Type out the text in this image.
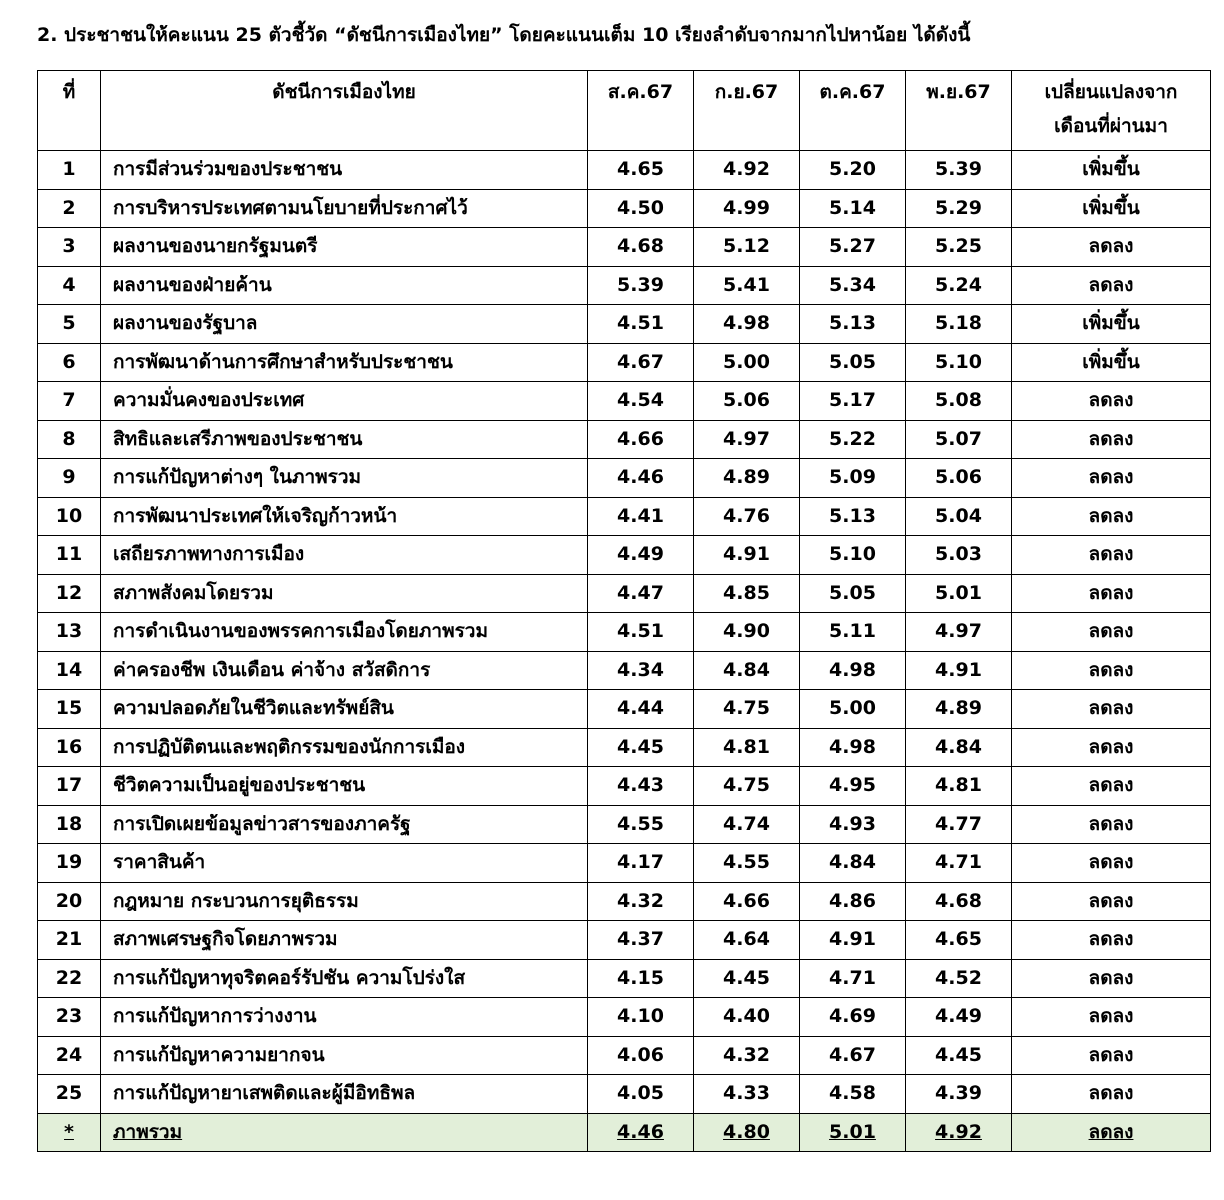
2. ประชาชนให้คะแนน 25 ตัวชี้วัด “ดัชนีการเมืองไทย” โดยคะแนนเต็ม 10 เรียงลำดับจากมากไปหาน้อย ได้ดังนี้
ที่	ดัชนีการเมืองไทย	ส.ค.67	ก.ย.67	ต.ค.67	พ.ย.67	เปลี่ยนแปลงจาก
เดือนที่ผ่านมา

1	การมีส่วนร่วมของประชาชน	4.65	4.92	5.20	5.39	เพิ่มขึ้น
2	การบริหารประเทศตามนโยบายที่ประกาศไว้	4.50	4.99	5.14	5.29	เพิ่มขึ้น
3	ผลงานของนายกรัฐมนตรี	4.68	5.12	5.27	5.25	ลดลง
4	ผลงานของฝ่ายค้าน	5.39	5.41	5.34	5.24	ลดลง
5	ผลงานของรัฐบาล	4.51	4.98	5.13	5.18	เพิ่มขึ้น
6	การพัฒนาด้านการศึกษาสำหรับประชาชน	4.67	5.00	5.05	5.10	เพิ่มขึ้น
7	ความมั่นคงของประเทศ	4.54	5.06	5.17	5.08	ลดลง
8	สิทธิและเสรีภาพของประชาชน	4.66	4.97	5.22	5.07	ลดลง
9	การแก้ปัญหาต่างๆ ในภาพรวม	4.46	4.89	5.09	5.06	ลดลง
10	การพัฒนาประเทศให้เจริญก้าวหน้า	4.41	4.76	5.13	5.04	ลดลง
11	เสถียรภาพทางการเมือง	4.49	4.91	5.10	5.03	ลดลง
12	สภาพสังคมโดยรวม	4.47	4.85	5.05	5.01	ลดลง
13	การดำเนินงานของพรรคการเมืองโดยภาพรวม	4.51	4.90	5.11	4.97	ลดลง
14	ค่าครองชีพ เงินเดือน ค่าจ้าง สวัสดิการ	4.34	4.84	4.98	4.91	ลดลง
15	ความปลอดภัยในชีวิตและทรัพย์สิน	4.44	4.75	5.00	4.89	ลดลง
16	การปฏิบัติตนและพฤติกรรมของนักการเมือง	4.45	4.81	4.98	4.84	ลดลง
17	ชีวิตความเป็นอยู่ของประชาชน	4.43	4.75	4.95	4.81	ลดลง
18	การเปิดเผยข้อมูลข่าวสารของภาครัฐ	4.55	4.74	4.93	4.77	ลดลง
19	ราคาสินค้า	4.17	4.55	4.84	4.71	ลดลง
20	กฎหมาย กระบวนการยุติธรรม	4.32	4.66	4.86	4.68	ลดลง
21	สภาพเศรษฐกิจโดยภาพรวม	4.37	4.64	4.91	4.65	ลดลง
22	การแก้ปัญหาทุจริตคอร์รัปชัน ความโปร่งใส	4.15	4.45	4.71	4.52	ลดลง
23	การแก้ปัญหาการว่างงาน	4.10	4.40	4.69	4.49	ลดลง
24	การแก้ปัญหาความยากจน	4.06	4.32	4.67	4.45	ลดลง
25	การแก้ปัญหายาเสพติดและผู้มีอิทธิพล	4.05	4.33	4.58	4.39	ลดลง
*	ภาพรวม	4.46	4.80	5.01	4.92	ลดลง
